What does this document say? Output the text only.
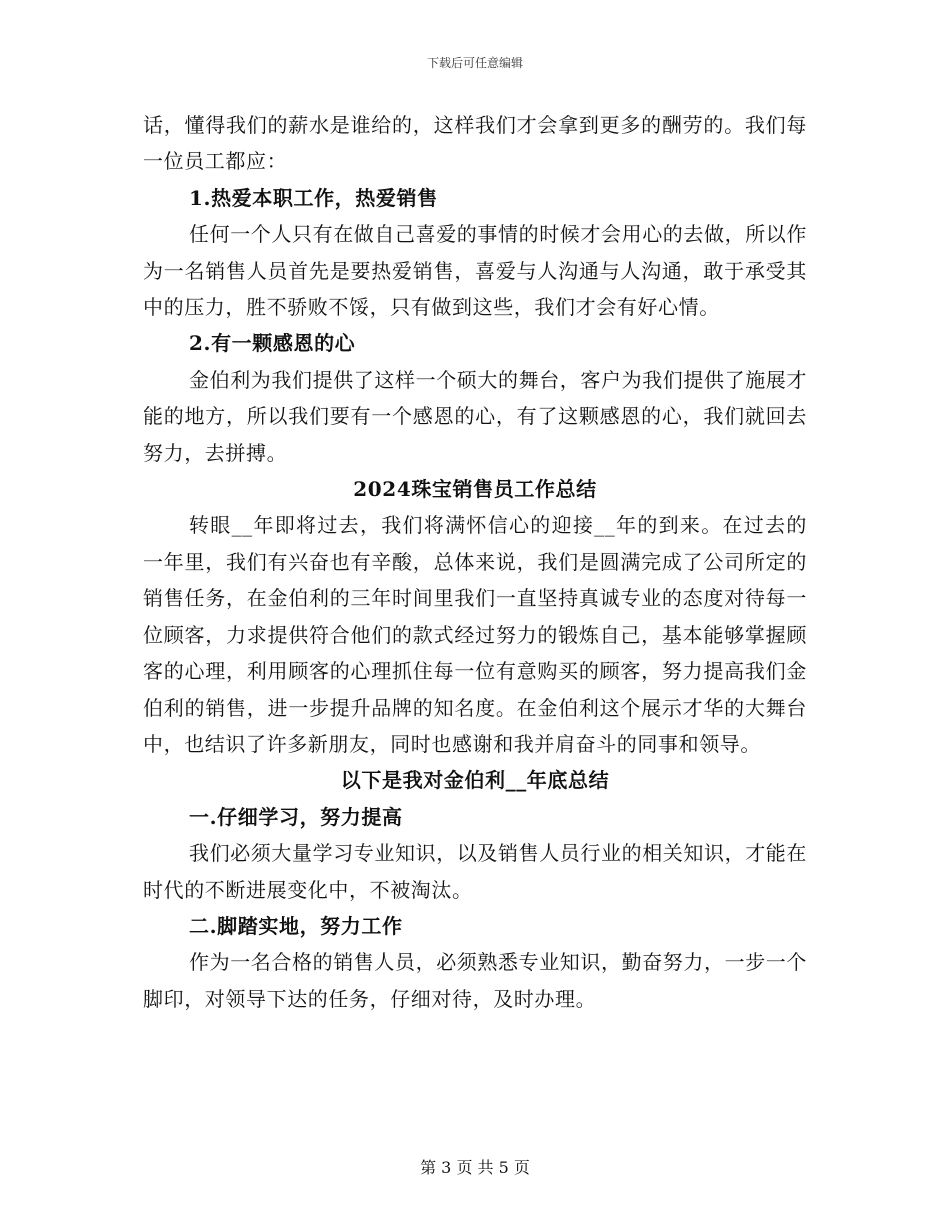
下载后可任意编辑

话，懂得我们的薪水是谁给的，这样我们才会拿到更多的酬劳的。我们每一位员工都应：

1.热爱本职工作，热爱销售

任何一个人只有在做自己喜爱的事情的时候才会用心的去做，所以作为一名销售人员首先是要热爱销售，喜爱与人沟通与人沟通，敢于承受其中的压力，胜不骄败不馁，只有做到这些，我们才会有好心情。

2.有一颗感恩的心

金伯利为我们提供了这样一个硕大的舞台，客户为我们提供了施展才能的地方，所以我们要有一个感恩的心，有了这颗感恩的心，我们就回去努力，去拼搏。

2024珠宝销售员工作总结

转眼__年即将过去，我们将满怀信心的迎接__年的到来。在过去的一年里，我们有兴奋也有辛酸，总体来说，我们是圆满完成了公司所定的销售任务，在金伯利的三年时间里我们一直坚持真诚专业的态度对待每一位顾客，力求提供符合他们的款式经过努力的锻炼自己，基本能够掌握顾客的心理，利用顾客的心理抓住每一位有意购买的顾客，努力提高我们金伯利的销售，进一步提升品牌的知名度。在金伯利这个展示才华的大舞台中，也结识了许多新朋友，同时也感谢和我并肩奋斗的同事和领导。

以下是我对金伯利__年底总结

一.仔细学习，努力提高

我们必须大量学习专业知识，以及销售人员行业的相关知识，才能在时代的不断进展变化中，不被淘汰。

二.脚踏实地，努力工作

作为一名合格的销售人员，必须熟悉专业知识，勤奋努力，一步一个脚印，对领导下达的任务，仔细对待，及时办理。

第 3 页 共 5 页
